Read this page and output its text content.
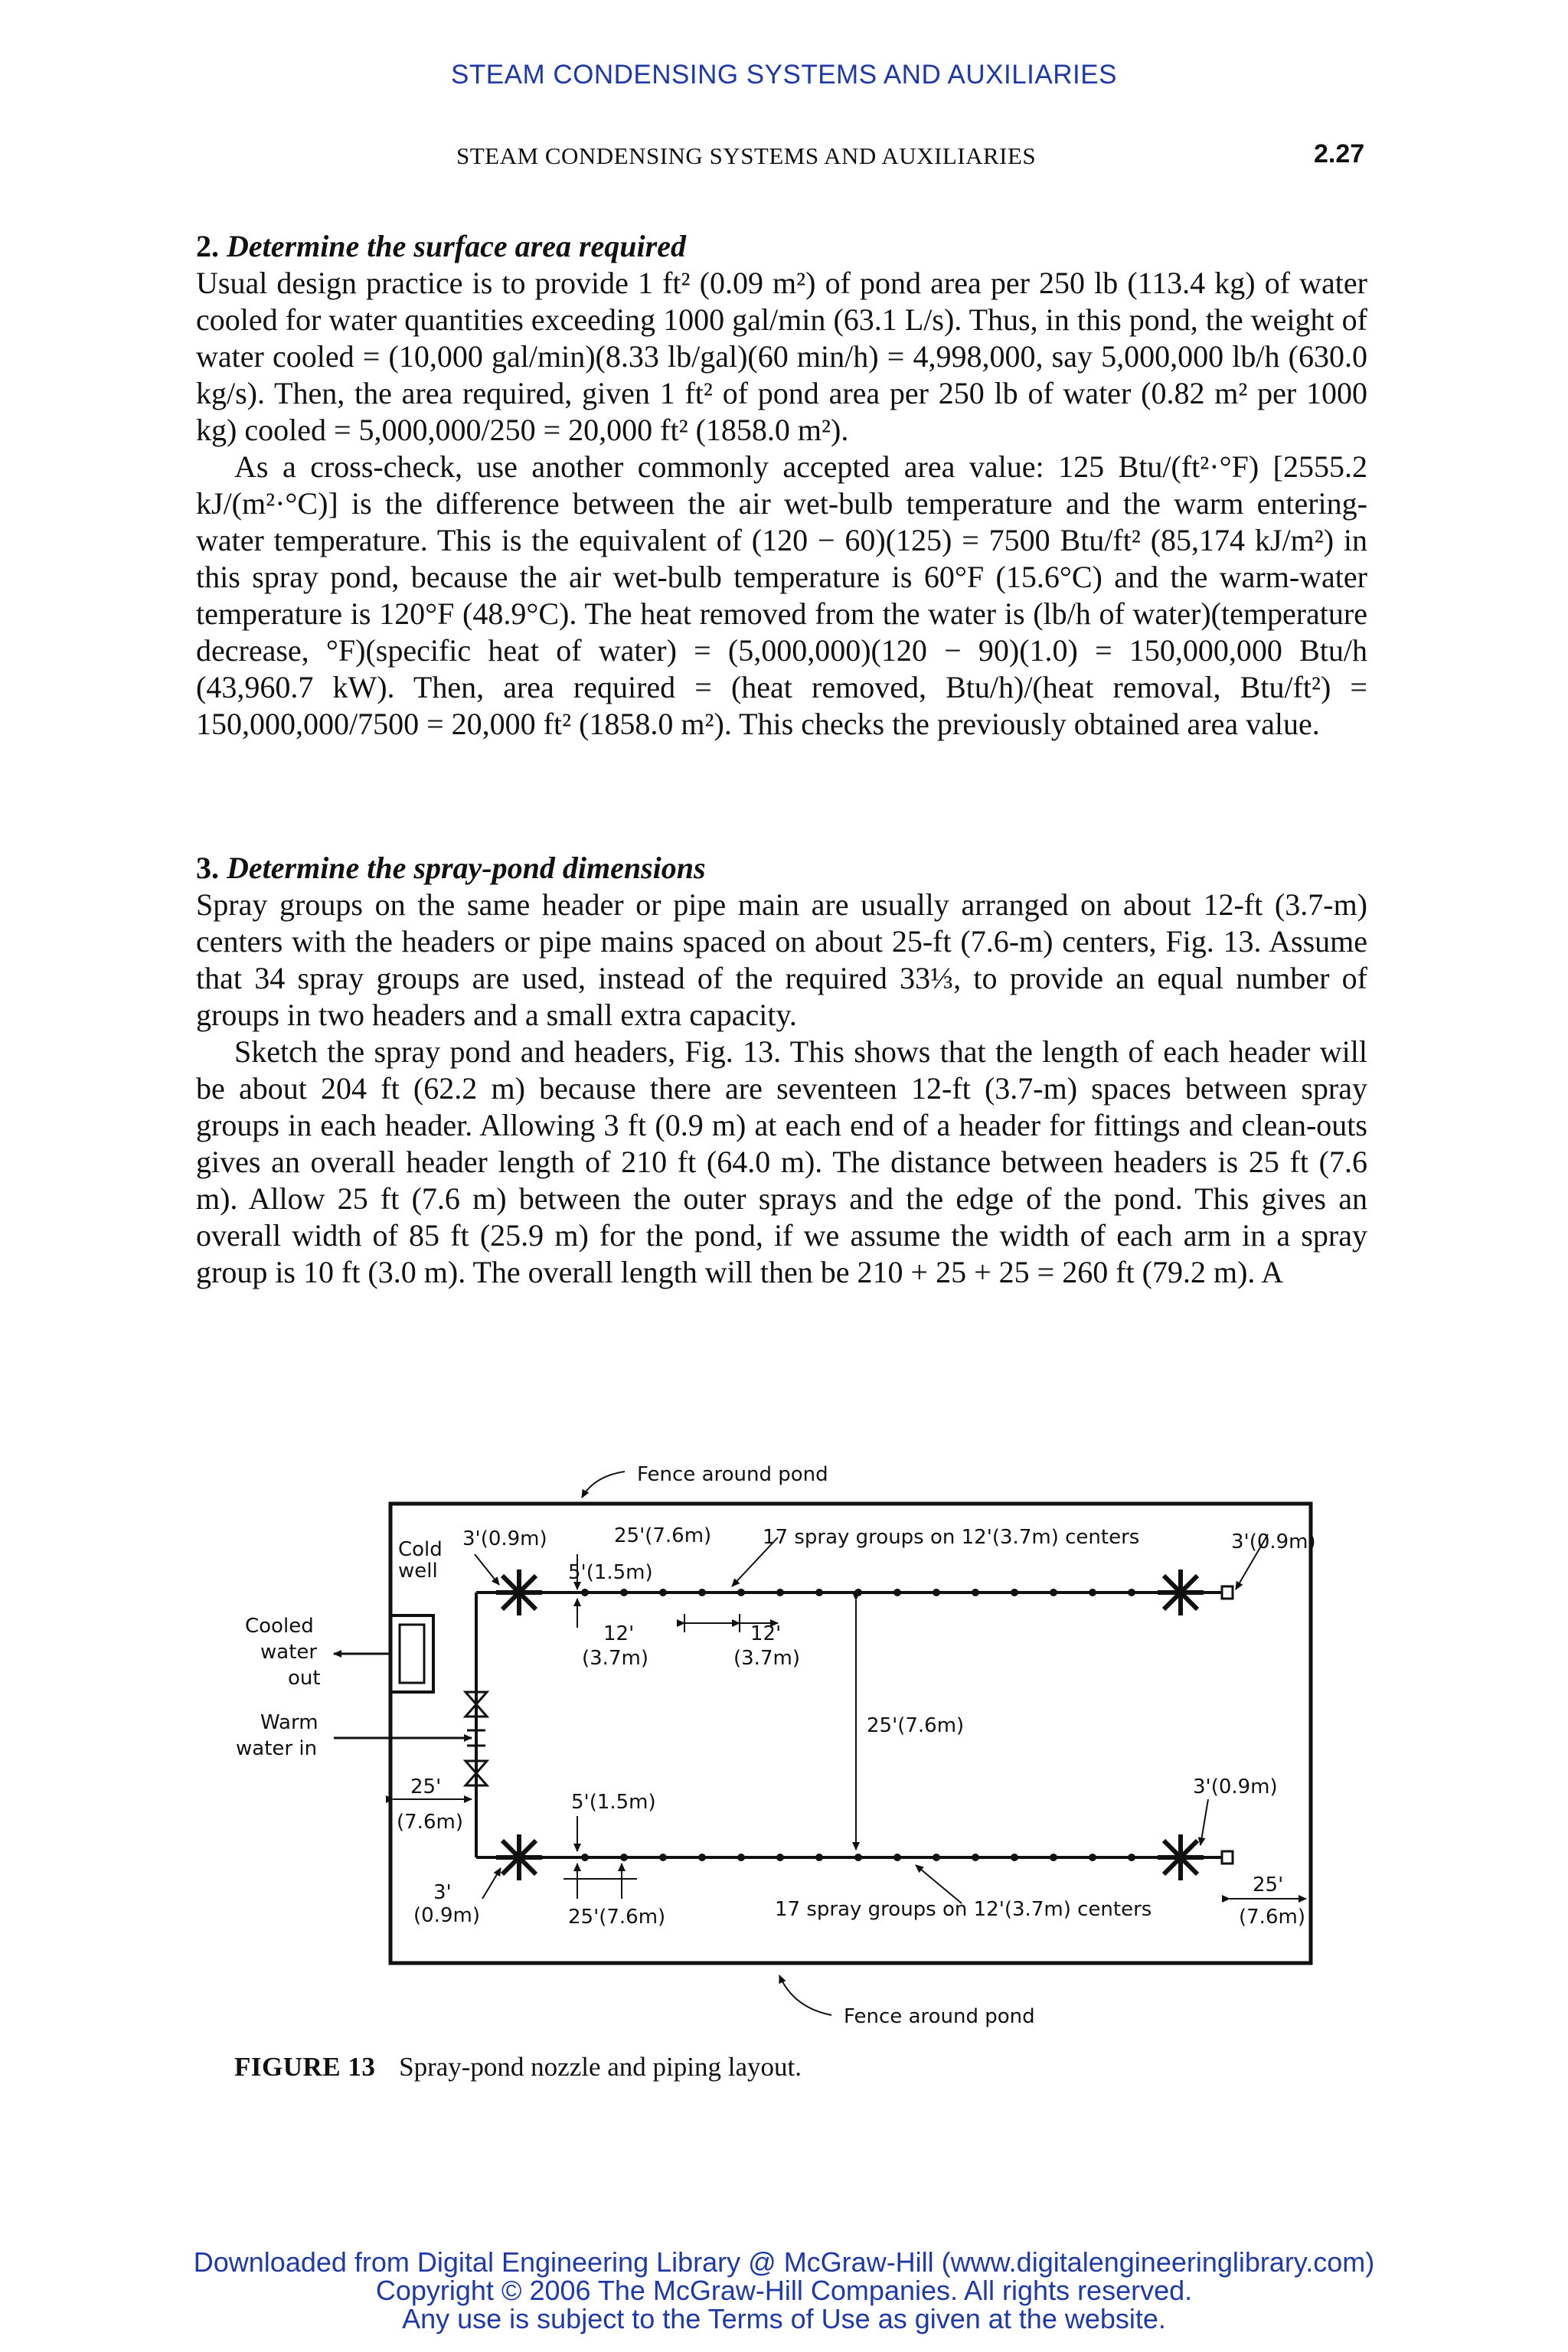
STEAM CONDENSING SYSTEMS AND AUXILIARIES
STEAM CONDENSING SYSTEMS AND AUXILIARIES	2.27
2. Determine the surface area required

Usual design practice is to provide 1 ft² (0.09 m²) of pond area per 250 lb (113.4 kg) of water cooled for water quantities exceeding 1000 gal/min (63.1 L/s). Thus, in this pond, the weight of water cooled = (10,000 gal/min)(8.33 lb/gal)(60 min/h) = 4,998,000, say 5,000,000 lb/h (630.0 kg/s). Then, the area required, given 1 ft² of pond area per 250 lb of water (0.82 m² per 1000 kg) cooled = 5,000,000/250 = 20,000 ft² (1858.0 m²).

As a cross-check, use another commonly accepted area value: 125 Btu/(ft²·°F) [2555.2 kJ/(m²·°C)] is the difference between the air wet-bulb temperature and the warm entering-water temperature. This is the equivalent of (120 − 60)(125) = 7500 Btu/ft² (85,174 kJ/m²) in this spray pond, because the air wet-bulb temperature is 60°F (15.6°C) and the warm-water temperature is 120°F (48.9°C). The heat removed from the water is (lb/h of water)(temperature decrease, °F)(specific heat of water) = (5,000,000)(120 − 90)(1.0) = 150,000,000 Btu/h (43,960.7 kW). Then, area required = (heat removed, Btu/h)/(heat removal, Btu/ft²) = 150,000,000/7500 = 20,000 ft² (1858.0 m²). This checks the previously obtained area value.

3. Determine the spray-pond dimensions

Spray groups on the same header or pipe main are usually arranged on about 12-ft (3.7-m) centers with the headers or pipe mains spaced on about 25-ft (7.6-m) centers, Fig. 13. Assume that 34 spray groups are used, instead of the required 33⅓, to provide an equal number of groups in two headers and a small extra capacity.

Sketch the spray pond and headers, Fig. 13. This shows that the length of each header will be about 204 ft (62.2 m) because there are seventeen 12-ft (3.7-m) spaces between spray groups in each header. Allowing 3 ft (0.9 m) at each end of a header for fittings and clean-outs gives an overall header length of 210 ft (64.0 m). The distance between headers is 25 ft (7.6 m). Allow 25 ft (7.6 m) between the outer sprays and the edge of the pond. This gives an overall width of 85 ft (25.9 m) for the pond, if we assume the width of each arm in a spray group is 10 ft (3.0 m). The overall length will then be 210 + 25 + 25 = 260 ft (79.2 m). A

Fence around pond
Cold
well
Cooled
water
out
Warm
water in
3'(0.9m)	25'(7.6m)
5'(1.5m)
17 spray groups on 12'(3.7m) centers	3'(0.9m)
12'	12'
(3.7m)	(3.7m)
25'(7.6m)
25'
(7.6m)
5'(1.5m)
3'
(0.9m)	25'(7.6m)	17 spray groups on 12'(3.7m) centers
3'(0.9m)
25'
(7.6m)
Fence around pond
FIGURE 13 Spray-pond nozzle and piping layout.
Downloaded from Digital Engineering Library @ McGraw-Hill (www.digitalengineeringlibrary.com)
Copyright © 2006 The McGraw-Hill Companies. All rights reserved.
Any use is subject to the Terms of Use as given at the website.
